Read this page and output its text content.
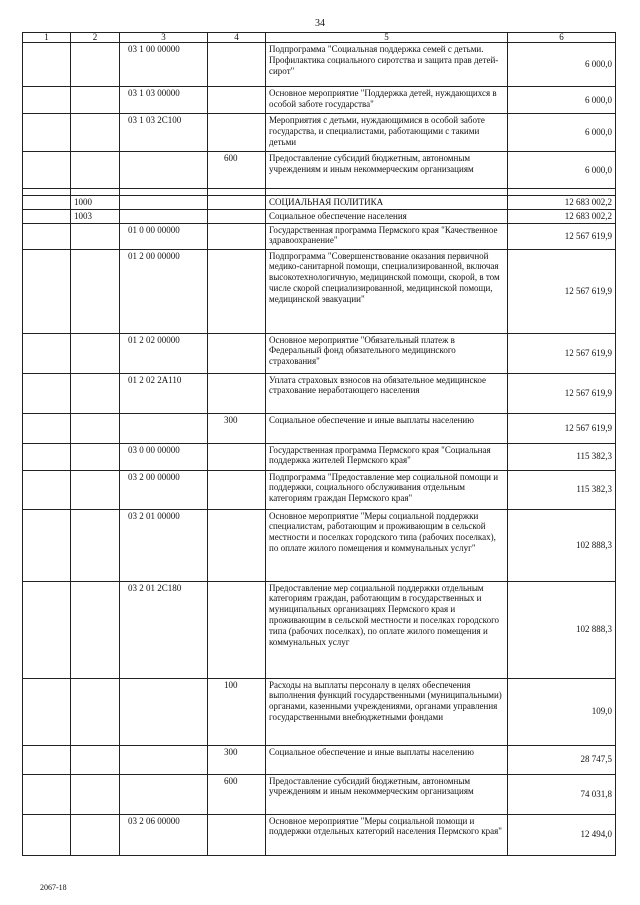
34
1	2	3	4	5	6
		03 1 00 00000		Подпрограмма "Социальная поддержка семей с детьми. Профилактика социального сиротства и защита прав детей-сирот"	6 000,0
		03 1 03 00000		Основное мероприятие "Поддержка детей, нуждающихся в особой заботе государства"	6 000,0
		03 1 03 2С100		Мероприятия с детьми, нуждающимися в особой заботе государства, и специалистами, работающими с такими детьми	6 000,0
			600	Предоставление субсидий бюджетным, автономным учреждениям и иным некоммерческим организациям	6 000,0

	1000			СОЦИАЛЬНАЯ ПОЛИТИКА	12 683 002,2
	1003			Социальное обеспечение населения	12 683 002,2
		01 0 00 00000		Государственная программа Пермского края "Качественное здравоохранение"	12 567 619,9
		01 2 00 00000		Подпрограмма "Совершенствование оказания первичной медико-санитарной помощи, специализированной, включая высокотехнологичную, медицинской помощи, скорой, в том числе скорой специализированной, медицинской помощи, медицинской эвакуации"	12 567 619,9
		01 2 02 00000		Основное мероприятие "Обязательный платеж в Федеральный фонд обязательного медицинского страхования"	12 567 619,9
		01 2 02 2А110		Уплата страховых взносов на обязательное медицинское страхование неработающего населения	12 567 619,9
			300	Социальное обеспечение и иные выплаты населению	12 567 619,9
		03 0 00 00000		Государственная программа Пермского края "Социальная поддержка жителей Пермского края"	115 382,3
		03 2 00 00000		Подпрограмма "Предоставление мер социальной помощи и поддержки, социального обслуживания отдельным категориям граждан Пермского края"	115 382,3
		03 2 01 00000		Основное мероприятие "Меры социальной поддержки специалистам, работающим и проживающим в сельской местности и поселках городского типа (рабочих поселках), по оплате жилого помещения и коммунальных услуг"	102 888,3
		03 2 01 2С180		Предоставление мер социальной поддержки отдельным категориям граждан, работающим в государственных и муниципальных организациях Пермского края и проживающим в сельской местности и поселках городского типа (рабочих поселках), по оплате жилого помещения и коммунальных услуг	102 888,3
			100	Расходы на выплаты персоналу в целях обеспечения выполнения функций государственными (муниципальными) органами, казенными учреждениями, органами управления государственными внебюджетными фондами	109,0
			300	Социальное обеспечение и иные выплаты населению	28 747,5
			600	Предоставление субсидий бюджетным, автономным учреждениям и иным некоммерческим организациям	74 031,8
		03 2 06 00000		Основное мероприятие "Меры социальной помощи и поддержки отдельных категорий населения Пермского края"	12 494,0
2067-18
